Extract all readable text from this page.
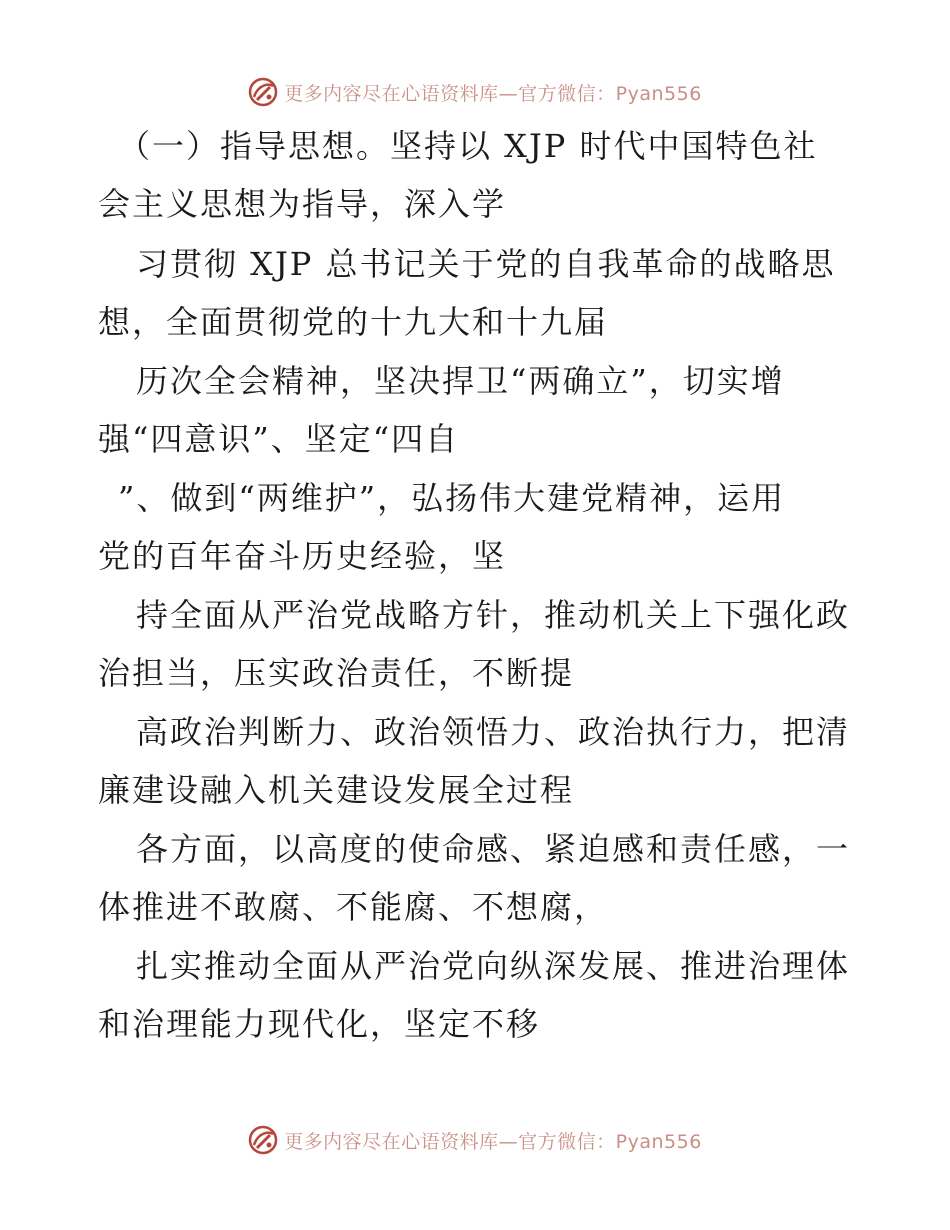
更多内容尽在心语资料库—官方微信：Pyan556
（一）指导思想。坚持以 XJP 时代中国特色社
会主义思想为指导，深入学
习贯彻 XJP 总书记关于党的自我革命的战略思
想，全面贯彻党的十九大和十九届
历次全会精神，坚决捍卫“两确立”，切实增
强“四意识”、坚定“四自
”、做到“两维护”，弘扬伟大建党精神，运用
党的百年奋斗历史经验，坚
持全面从严治党战略方针，推动机关上下强化政
治担当，压实政治责任，不断提
高政治判断力、政治领悟力、政治执行力，把清
廉建设融入机关建设发展全过程
各方面，以高度的使命感、紧迫感和责任感，一
体推进不敢腐、不能腐、不想腐，
扎实推动全面从严治党向纵深发展、推进治理体
和治理能力现代化，坚定不移
更多内容尽在心语资料库—官方微信：Pyan556
